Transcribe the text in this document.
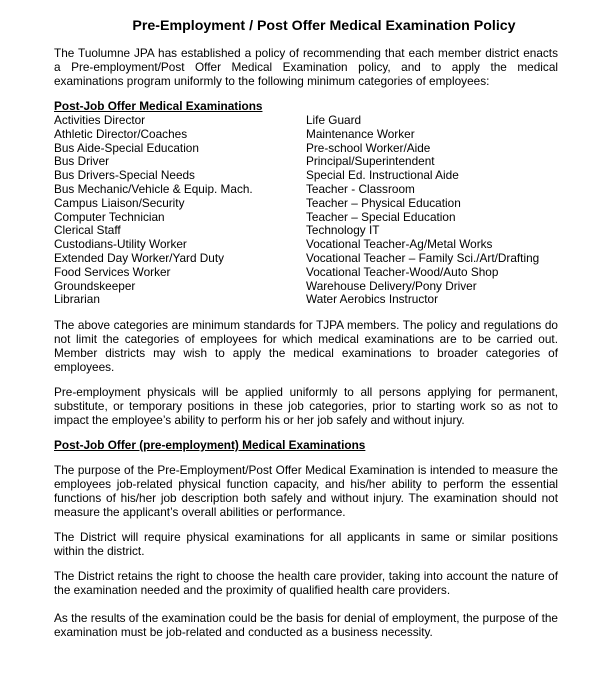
Pre-Employment / Post Offer Medical Examination Policy

The Tuolumne JPA has established a policy of recommending that each member district enacts a Pre-employment/Post Offer Medical Examination policy, and to apply the medical examinations program uniformly to the following minimum categories of employees:

Post-Job Offer Medical Examinations
Activities Director
Athletic Director/Coaches
Bus Aide-Special Education
Bus Driver
Bus Drivers-Special Needs
Bus Mechanic/Vehicle & Equip. Mach.
Campus Liaison/Security
Computer Technician
Clerical Staff
Custodians-Utility Worker
Extended Day Worker/Yard Duty
Food Services Worker
Groundskeeper
Librarian
Life Guard
Maintenance Worker
Pre-school Worker/Aide
Principal/Superintendent
Special Ed. Instructional Aide
Teacher - Classroom
Teacher – Physical Education
Teacher – Special Education
Technology IT
Vocational Teacher-Ag/Metal Works
Vocational Teacher – Family Sci./Art/Drafting
Vocational Teacher-Wood/Auto Shop
Warehouse Delivery/Pony Driver
Water Aerobics Instructor

The above categories are minimum standards for TJPA members. The policy and regulations do not limit the categories of employees for which medical examinations are to be carried out. Member districts may wish to apply the medical examinations to broader categories of employees.

Pre-employment physicals will be applied uniformly to all persons applying for permanent, substitute, or temporary positions in these job categories, prior to starting work so as not to impact the employee’s ability to perform his or her job safely and without injury.

Post-Job Offer (pre-employment) Medical Examinations

The purpose of the Pre-Employment/Post Offer Medical Examination is intended to measure the employees job-related physical function capacity, and his/her ability to perform the essential functions of his/her job description both safely and without injury. The examination should not measure the applicant’s overall abilities or performance.

The District will require physical examinations for all applicants in same or similar positions within the district.

The District retains the right to choose the health care provider, taking into account the nature of the examination needed and the proximity of qualified health care providers.

As the results of the examination could be the basis for denial of employment, the purpose of the examination must be job-related and conducted as a business necessity.
